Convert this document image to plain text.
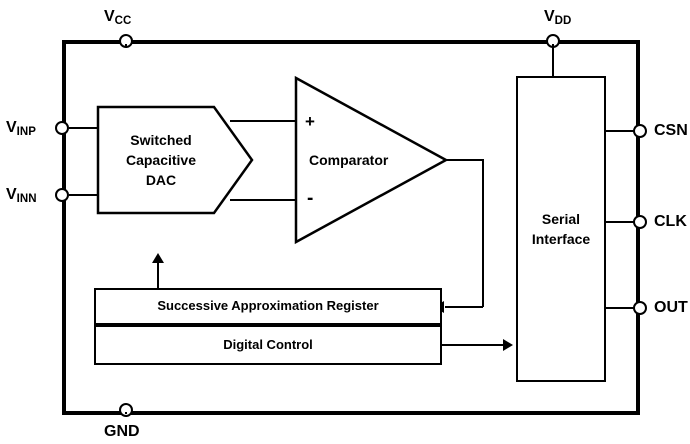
$V_{CC}$	$V_{DD}$
GND
$V_{INP}$
$V_{INN}$
CSN
CLK
OUT
Switched
Capacitive
DAC
Comparator
+
-
Successive Approximation Register
Digital Control
Serial
Interface
